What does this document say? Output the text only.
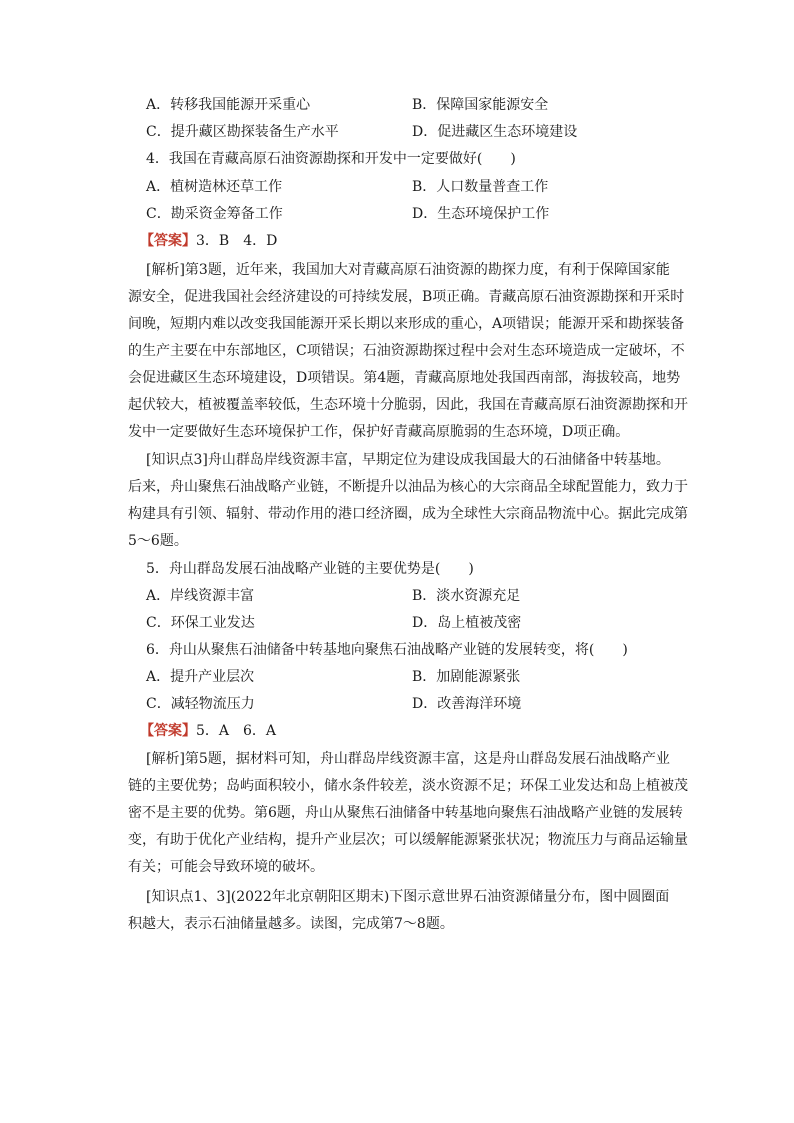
A．转移我国能源开采重心	B．保障国家能源安全
C．提升藏区勘探装备生产水平	D．促进藏区生态环境建设
4．我国在青藏高原石油资源勘探和开发中一定要做好(　　)
A．植树造林还草工作	B．人口数量普查工作
C．勘采资金筹备工作	D．生态环境保护工作
【答案】3．B　4．D
[解析]第3题，近年来，我国加大对青藏高原石油资源的勘探力度，有利于保障国家能
源安全，促进我国社会经济建设的可持续发展，B项正确。青藏高原石油资源勘探和开采时
间晚，短期内难以改变我国能源开采长期以来形成的重心，A项错误；能源开采和勘探装备
的生产主要在中东部地区，C项错误；石油资源勘探过程中会对生态环境造成一定破坏，不
会促进藏区生态环境建设，D项错误。第4题，青藏高原地处我国西南部，海拔较高，地势
起伏较大，植被覆盖率较低，生态环境十分脆弱，因此，我国在青藏高原石油资源勘探和开
发中一定要做好生态环境保护工作，保护好青藏高原脆弱的生态环境，D项正确。
[知识点3]舟山群岛岸线资源丰富，早期定位为建设成我国最大的石油储备中转基地。
后来，舟山聚焦石油战略产业链，不断提升以油品为核心的大宗商品全球配置能力，致力于
构建具有引领、辐射、带动作用的港口经济圈，成为全球性大宗商品物流中心。据此完成第
5～6题。
5．舟山群岛发展石油战略产业链的主要优势是(　　)
A．岸线资源丰富	B．淡水资源充足
C．环保工业发达	D．岛上植被茂密
6．舟山从聚焦石油储备中转基地向聚焦石油战略产业链的发展转变，将(　　)
A．提升产业层次	B．加剧能源紧张
C．减轻物流压力	D．改善海洋环境
【答案】5．A　6．A
[解析]第5题，据材料可知，舟山群岛岸线资源丰富，这是舟山群岛发展石油战略产业
链的主要优势；岛屿面积较小，储水条件较差，淡水资源不足；环保工业发达和岛上植被茂
密不是主要的优势。第6题，舟山从聚焦石油储备中转基地向聚焦石油战略产业链的发展转
变，有助于优化产业结构，提升产业层次；可以缓解能源紧张状况；物流压力与商品运输量
有关；可能会导致环境的破坏。
[知识点1、3](2022年北京朝阳区期末)下图示意世界石油资源储量分布，图中圆圈面
积越大，表示石油储量越多。读图，完成第7～8题。
